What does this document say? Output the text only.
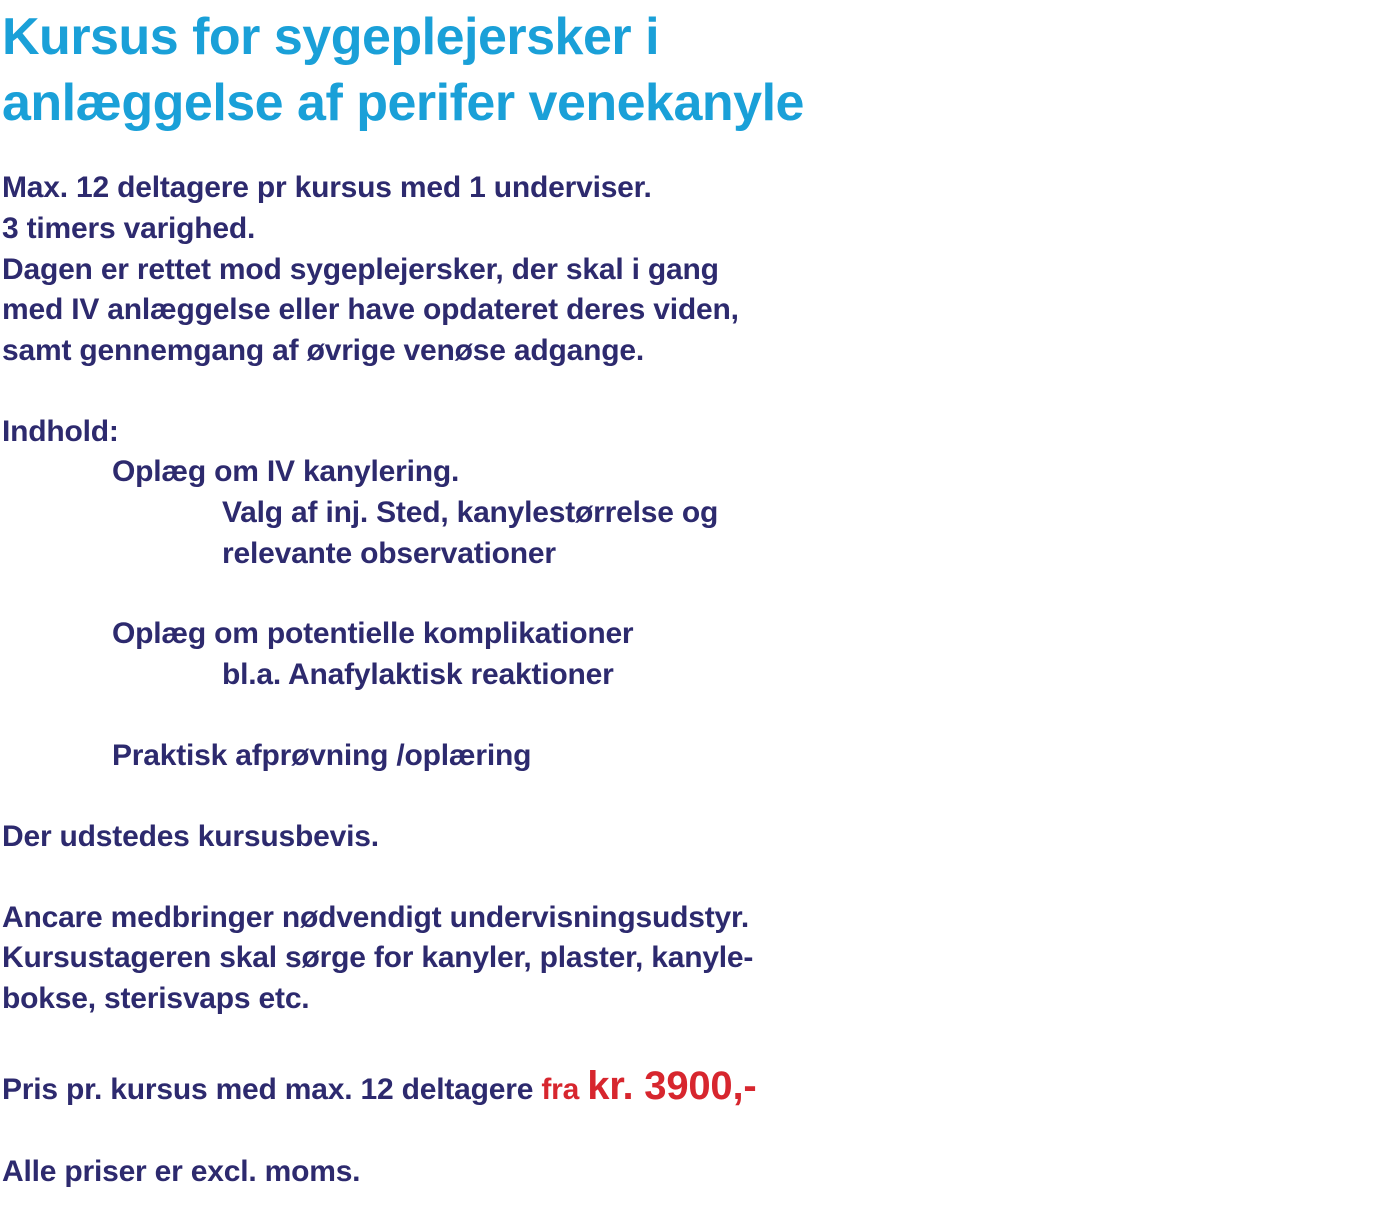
Kursus for sygeplejersker i
anlæggelse af perifer venekanyle

Max. 12 deltagere pr kursus med 1 underviser.

3 timers varighed.

Dagen er rettet mod sygeplejersker, der skal i gang

med IV anlæggelse eller have opdateret deres viden,

samt gennemgang af øvrige venøse adgange.

Indhold:

Oplæg om IV kanylering.

Valg af inj. Sted, kanylestørrelse og

relevante observationer

Oplæg om potentielle komplikationer

bl.a. Anafylaktisk reaktioner

Praktisk afprøvning /oplæring

Der udstedes kursusbevis.

Ancare medbringer nødvendigt undervisningsudstyr.

Kursustageren skal sørge for kanyler, plaster, kanyle-

bokse, sterisvaps etc.

Pris pr. kursus med max. 12 deltagere fra kr. 3900,-

Alle priser er excl. moms.
